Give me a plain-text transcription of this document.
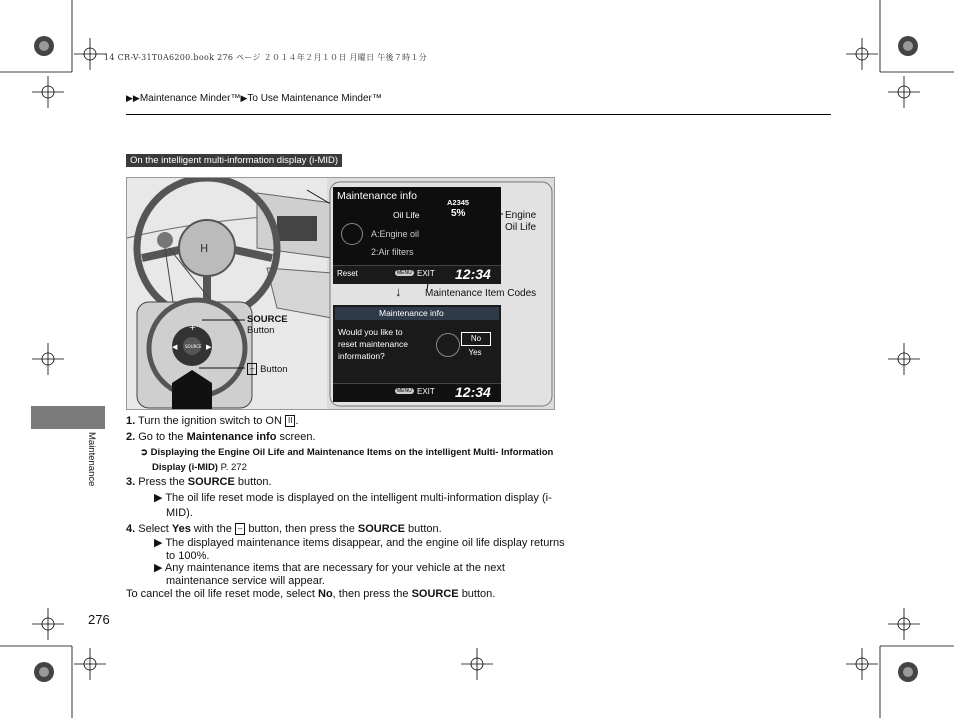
14 CR-V-31T0A6200.book 276 ページ ２０１４年２月１０日 月曜日 午後７時１分
▶▶Maintenance Minder™▶To Use Maintenance Minder™
On the intelligent multi-information display (i-MID)
H
SOURCE
+
◀	▶
Maintenance info
A2345
5%
Oil Life
A:Engine oil
2:Air filters
Reset	MENU EXIT 12:34
Engine
Oil Life
↓ Maintenance Item Codes
Maintenance info
Would you like to
reset maintenance
information?
No
Yes
MENU EXIT 12:34
SOURCE
Button
– Button
Maintenance
276

1. Turn the ignition switch to ON II .

2. Go to the Maintenance info screen.

➲ Displaying the Engine Oil Life and Maintenance Items on the intelligent Multi- Information Display (i-MID) P. 272

3. Press the SOURCE button.

▶ The oil life reset mode is displayed on the intelligent multi-information display (i-MID).

4. Select Yes with the – button, then press the SOURCE button.

▶ The displayed maintenance items disappear, and the engine oil life display returns to 100%.

▶ Any maintenance items that are necessary for your vehicle at the next maintenance service will appear.

To cancel the oil life reset mode, select No, then press the SOURCE button.
